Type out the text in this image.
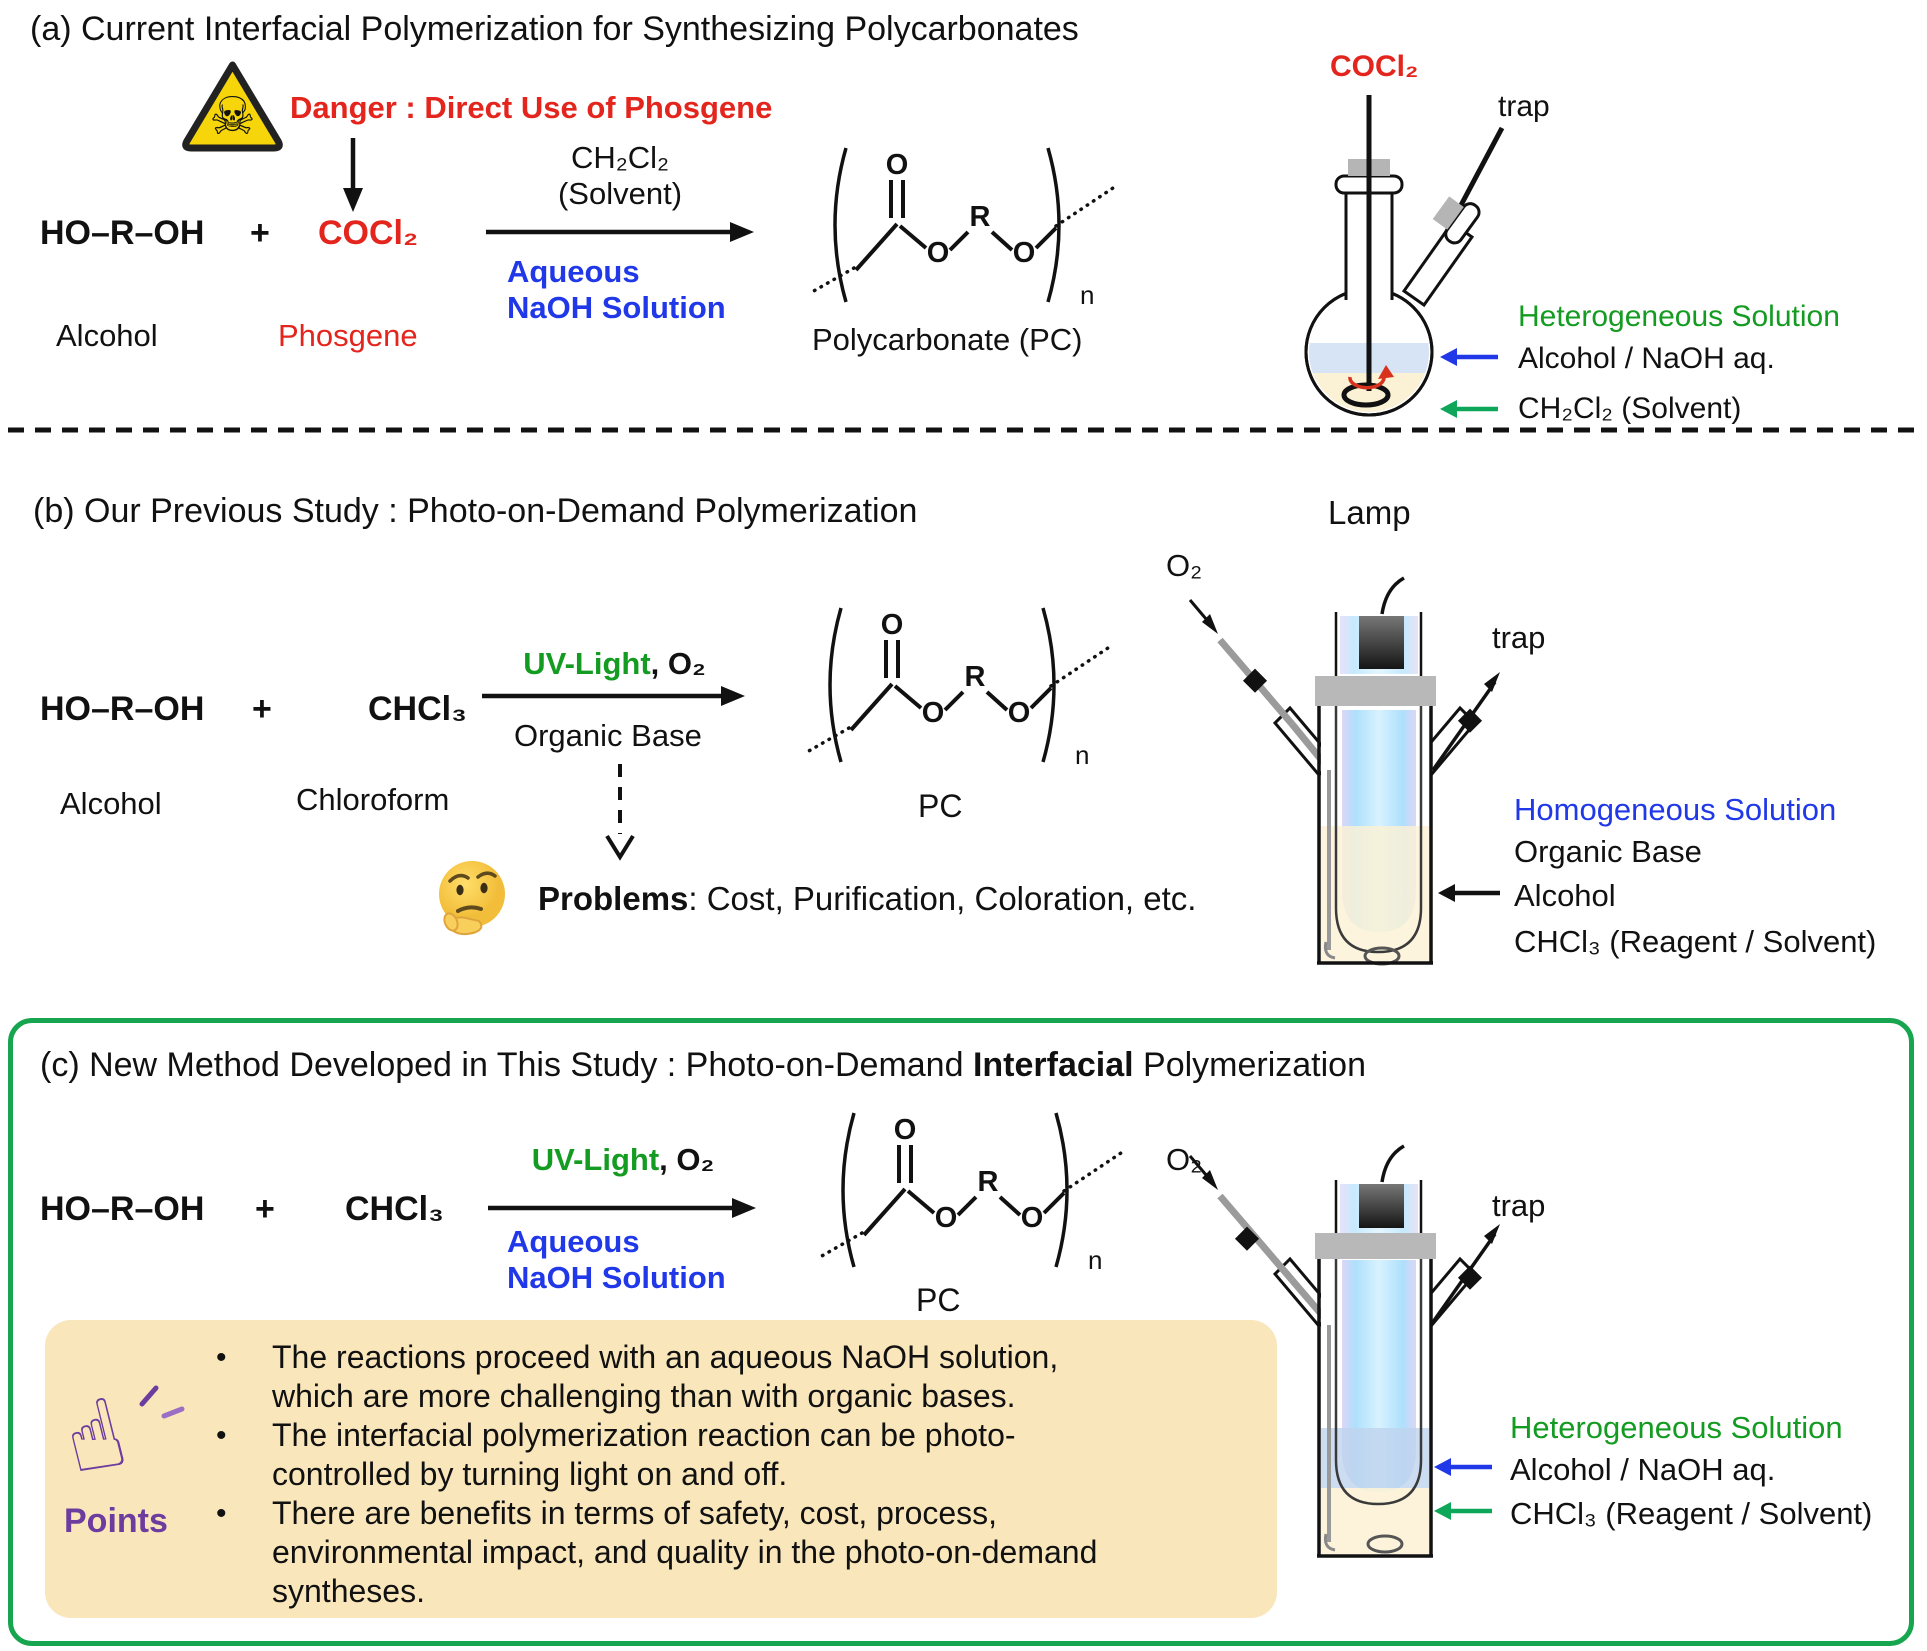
(a) Current Interfacial Polymerization for Synthesizing Polycarbonates
☠ Danger : Direct Use of Phosgene
HO–R–OH + COCl₂
CH₂Cl₂
(Solvent)
Aqueous
NaOH Solution
Alcohol	Phosgene
O
O
R
O
n
Polycarbonate (PC)
COCl₂
trap
Heterogeneous Solution
Alcohol / NaOH aq.
CH₂Cl₂ (Solvent)
(b) Our Previous Study : Photo-on-Demand Polymerization
HO–R–OH +	CHCl₃
UV-Light, O₂
Organic Base
Alcohol	Chloroform
Problems: Cost, Purification, Coloration, etc.
O
O
R
O
n
PC
Lamp
O₂
trap
Homogeneous Solution
Organic Base
Alcohol
CHCl₃ (Reagent / Solvent)
(c) New Method Developed in This Study : Photo-on-Demand Interfacial Polymerization
HO–R–OH + CHCl₃
UV-Light, O₂
Aqueous
NaOH Solution
O
O
R
O
n
PC
☝
Points
• The reactions proceed with an aqueous NaOH solution, which are more challenging than with organic bases.
• The interfacial polymerization reaction can be photo-controlled by turning light on and off.
• There are benefits in terms of safety, cost, process, environmental impact, and quality in the photo-on-demand syntheses.
O₂
trap
Heterogeneous Solution
Alcohol / NaOH aq.
CHCl₃ (Reagent / Solvent)
